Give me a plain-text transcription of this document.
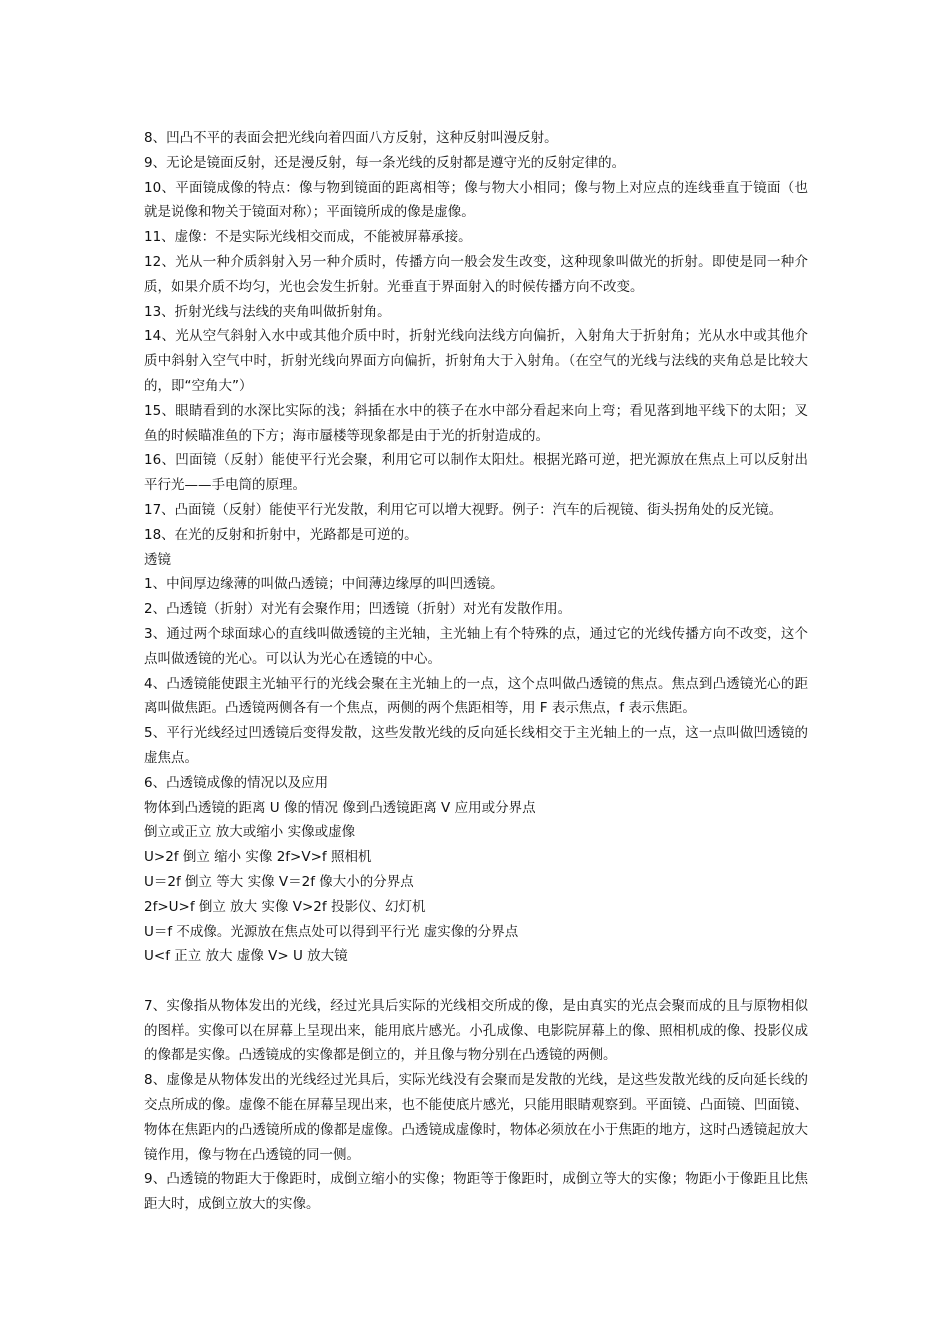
8、凹凸不平的表面会把光线向着四面八方反射，这种反射叫漫反射。

9、无论是镜面反射，还是漫反射，每一条光线的反射都是遵守光的反射定律的。

10、平面镜成像的特点：像与物到镜面的距离相等；像与物大小相同；像与物上对应点的连线垂直于镜面（也就是说像和物关于镜面对称）；平面镜所成的像是虚像。

11、虚像：不是实际光线相交而成，不能被屏幕承接。

12、光从一种介质斜射入另一种介质时，传播方向一般会发生改变，这种现象叫做光的折射。即使是同一种介质，如果介质不均匀，光也会发生折射。光垂直于界面射入的时候传播方向不改变。

13、折射光线与法线的夹角叫做折射角。

14、光从空气斜射入水中或其他介质中时，折射光线向法线方向偏折，入射角大于折射角；光从水中或其他介质中斜射入空气中时，折射光线向界面方向偏折，折射角大于入射角。（在空气的光线与法线的夹角总是比较大的，即“空角大”）

15、眼睛看到的水深比实际的浅；斜插在水中的筷子在水中部分看起来向上弯；看见落到地平线下的太阳；叉鱼的时候瞄准鱼的下方；海市蜃楼等现象都是由于光的折射造成的。

16、凹面镜（反射）能使平行光会聚，利用它可以制作太阳灶。根据光路可逆，把光源放在焦点上可以反射出平行光——手电筒的原理。

17、凸面镜（反射）能使平行光发散，利用它可以增大视野。例子：汽车的后视镜、街头拐角处的反光镜。

18、在光的反射和折射中，光路都是可逆的。

透镜

1、中间厚边缘薄的叫做凸透镜；中间薄边缘厚的叫凹透镜。

2、凸透镜（折射）对光有会聚作用；凹透镜（折射）对光有发散作用。

3、通过两个球面球心的直线叫做透镜的主光轴，主光轴上有个特殊的点，通过它的光线传播方向不改变，这个点叫做透镜的光心。可以认为光心在透镜的中心。

4、凸透镜能使跟主光轴平行的光线会聚在主光轴上的一点，这个点叫做凸透镜的焦点。焦点到凸透镜光心的距离叫做焦距。凸透镜两侧各有一个焦点，两侧的两个焦距相等，用 F 表示焦点，f 表示焦距。

5、平行光线经过凹透镜后变得发散，这些发散光线的反向延长线相交于主光轴上的一点，这一点叫做凹透镜的虚焦点。

6、凸透镜成像的情况以及应用

物体到凸透镜的距离 U 像的情况 像到凸透镜距离 V 应用或分界点

倒立或正立 放大或缩小 实像或虚像

U>2f 倒立 缩小 实像 2f>V>f 照相机

U＝2f 倒立 等大 实像 V＝2f 像大小的分界点

2f>U>f 倒立 放大 实像 V>2f 投影仪、幻灯机

U＝f 不成像。光源放在焦点处可以得到平行光 虚实像的分界点

U<f 正立 放大 虚像 V> U 放大镜

7、实像指从物体发出的光线，经过光具后实际的光线相交所成的像，是由真实的光点会聚而成的且与原物相似的图样。实像可以在屏幕上呈现出来，能用底片感光。小孔成像、电影院屏幕上的像、照相机成的像、投影仪成的像都是实像。凸透镜成的实像都是倒立的，并且像与物分别在凸透镜的两侧。

8、虚像是从物体发出的光线经过光具后，实际光线没有会聚而是发散的光线，是这些发散光线的反向延长线的交点所成的像。虚像不能在屏幕呈现出来，也不能使底片感光，只能用眼睛观察到。平面镜、凸面镜、凹面镜、物体在焦距内的凸透镜所成的像都是虚像。凸透镜成虚像时，物体必须放在小于焦距的地方，这时凸透镜起放大镜作用，像与物在凸透镜的同一侧。

9、凸透镜的物距大于像距时，成倒立缩小的实像；物距等于像距时，成倒立等大的实像；物距小于像距且比焦距大时，成倒立放大的实像。
